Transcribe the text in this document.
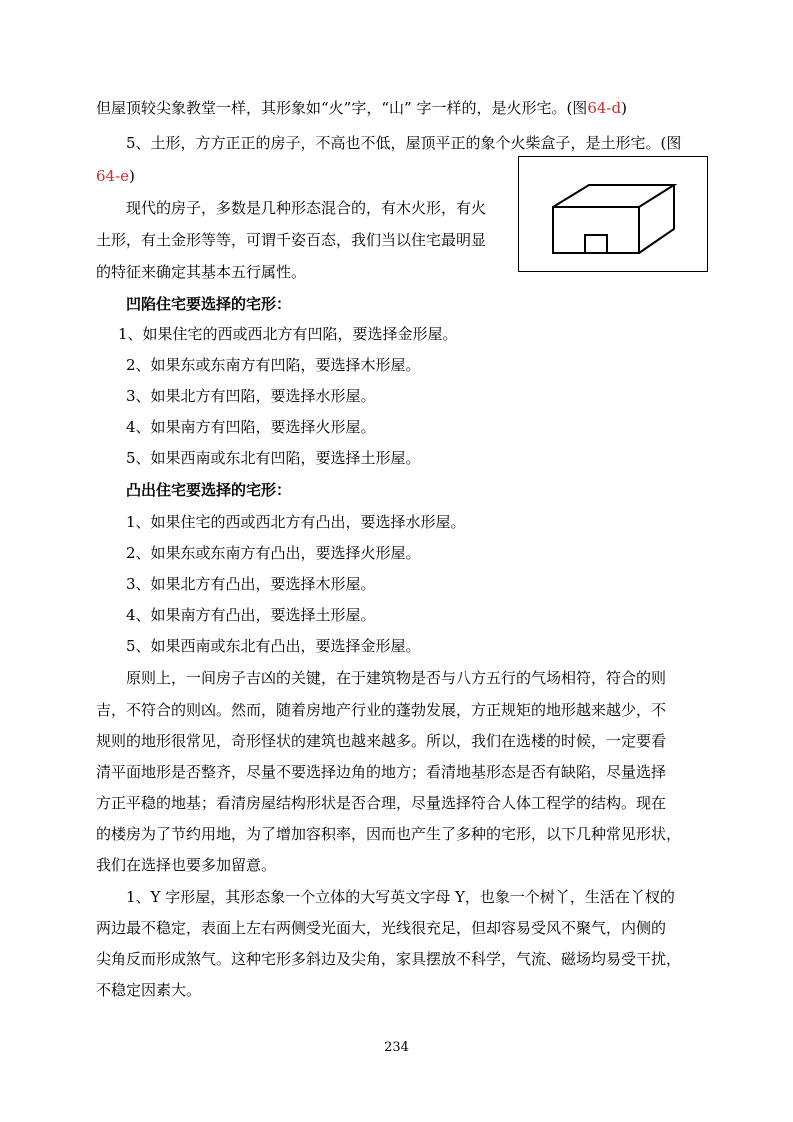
但屋顶较尖象教堂一样，其形象如“火”字，“山” 字一样的，是火形宅。(图64-d)
5、土形，方方正正的房子，不高也不低，屋顶平正的象个火柴盒子，是土形宅。(图
64-e)
现代的房子，多数是几种形态混合的，有木火形，有火
土形，有土金形等等，可谓千姿百态，我们当以住宅最明显
的特征来确定其基本五行属性。
凹陷住宅要选择的宅形：
1、如果住宅的西或西北方有凹陷，要选择金形屋。
2、如果东或东南方有凹陷，要选择木形屋。
3、如果北方有凹陷，要选择水形屋。
4、如果南方有凹陷，要选择火形屋。
5、如果西南或东北有凹陷，要选择土形屋。
凸出住宅要选择的宅形：
1、如果住宅的西或西北方有凸出，要选择水形屋。
2、如果东或东南方有凸出，要选择火形屋。
3、如果北方有凸出，要选择木形屋。
4、如果南方有凸出，要选择土形屋。
5、如果西南或东北有凸出，要选择金形屋。
原则上，一间房子吉凶的关键，在于建筑物是否与八方五行的气场相符，符合的则
吉，不符合的则凶。然而，随着房地产行业的蓬勃发展，方正规矩的地形越来越少，不
规则的地形很常见，奇形怪状的建筑也越来越多。所以，我们在选楼的时候，一定要看
清平面地形是否整齐，尽量不要选择边角的地方；看清地基形态是否有缺陷，尽量选择
方正平稳的地基；看清房屋结构形状是否合理，尽量选择符合人体工程学的结构。现在
的楼房为了节约用地，为了增加容积率，因而也产生了多种的宅形，以下几种常见形状，
我们在选择也要多加留意。
1、Y 字形屋，其形态象一个立体的大写英文字母 Y，也象一个树丫，生活在丫杈的
两边最不稳定，表面上左右两侧受光面大，光线很充足，但却容易受风不聚气，内侧的
尖角反而形成煞气。这种宅形多斜边及尖角，家具摆放不科学，气流、磁场均易受干扰，
不稳定因素大。
234
